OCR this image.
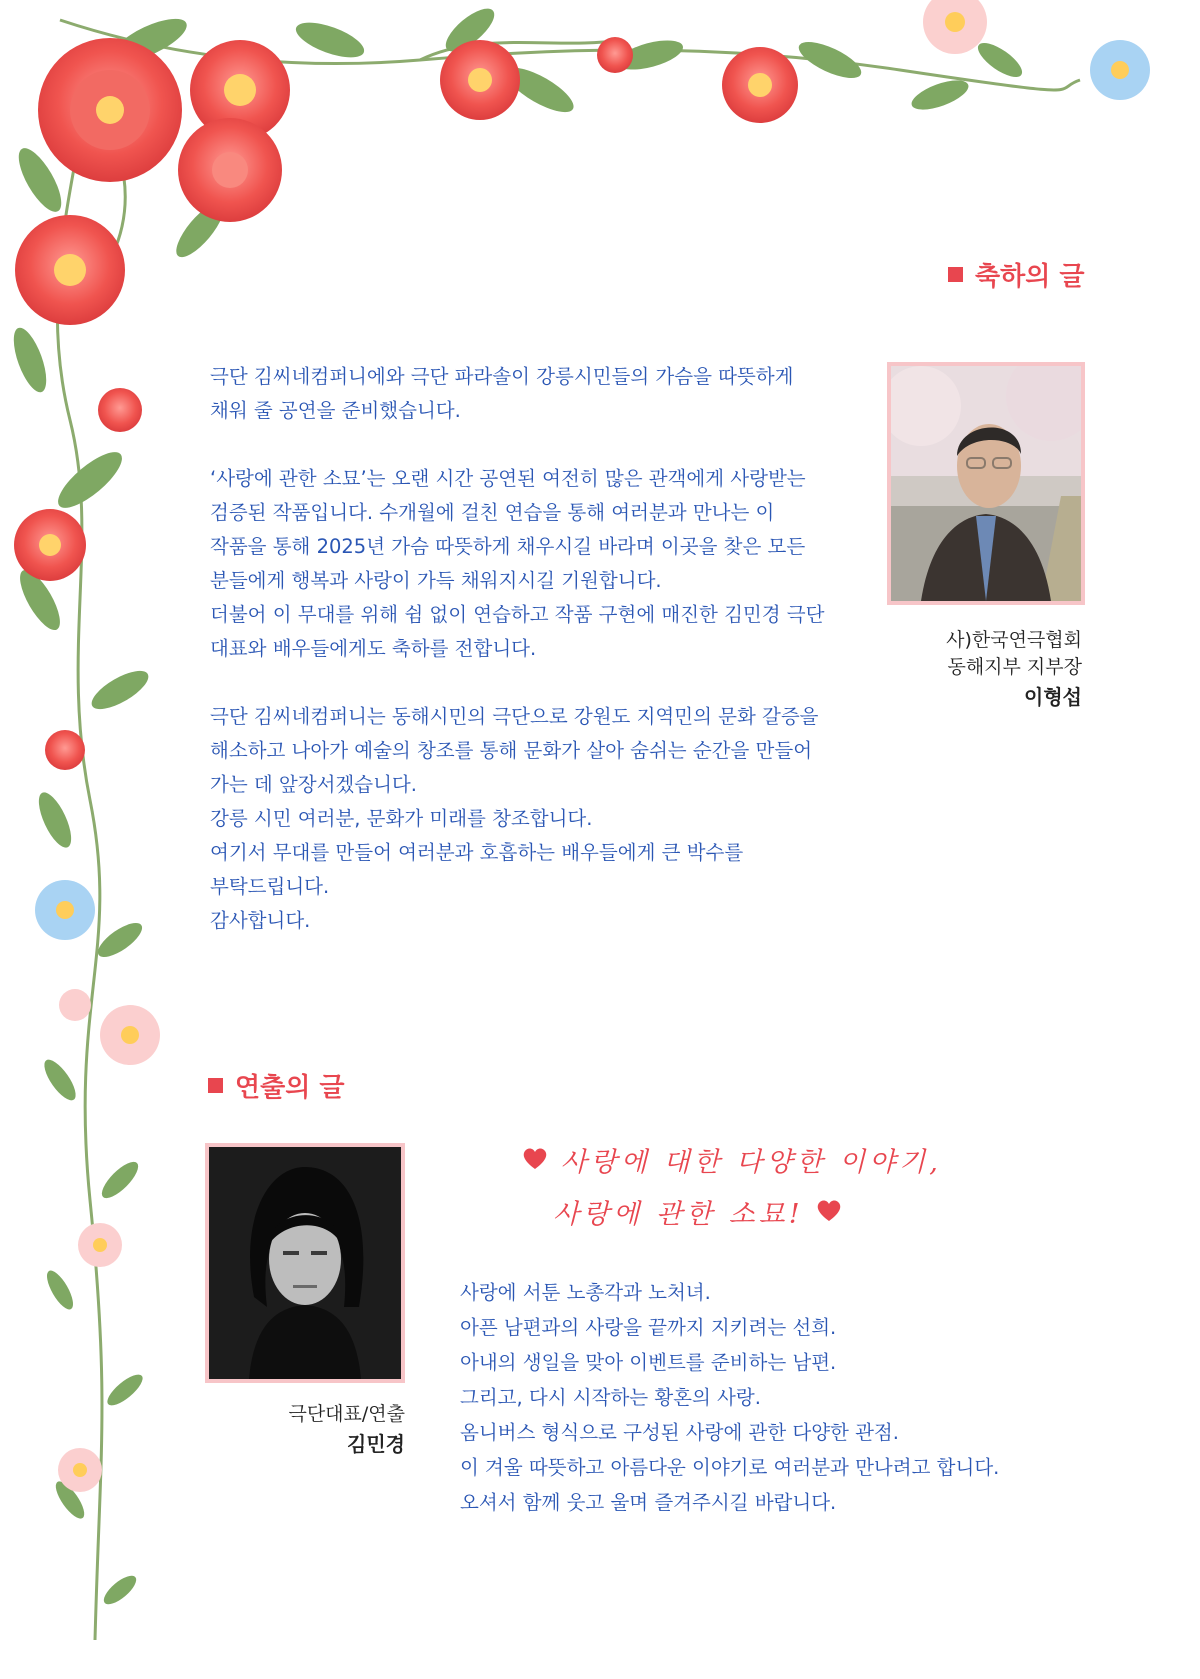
축하의 글

극단 김씨네컴퍼니에와 극단 파라솔이 강릉시민들의 가슴을 따뜻하게

채워 줄 공연을 준비했습니다.

‘사랑에 관한 소묘’는 오랜 시간 공연된 여전히 많은 관객에게 사랑받는

검증된 작품입니다. 수개월에 걸친 연습을 통해 여러분과 만나는 이

작품을 통해 2025년 가슴 따뜻하게 채우시길 바라며 이곳을 찾은 모든

분들에게 행복과 사랑이 가득 채워지시길 기원합니다.

더불어 이 무대를 위해 쉼 없이 연습하고 작품 구현에 매진한 김민경 극단

대표와 배우들에게도 축하를 전합니다.

극단 김씨네컴퍼니는 동해시민의 극단으로 강원도 지역민의 문화 갈증을

해소하고 나아가 예술의 창조를 통해 문화가 살아 숨쉬는 순간을 만들어

가는 데 앞장서겠습니다.

강릉 시민 여러분, 문화가 미래를 창조합니다.

여기서 무대를 만들어 여러분과 호흡하는 배우들에게 큰 박수를

부탁드립니다.

감사합니다.

사)한국연극협회
동해지부 지부장
이형섭
연출의 글
극단대표/연출
김민경
사랑에 대한 다양한 이야기,
사랑에 관한 소묘!

사랑에 서툰 노총각과 노처녀.

아픈 남편과의 사랑을 끝까지 지키려는 선희.

아내의 생일을 맞아 이벤트를 준비하는 남편.

그리고, 다시 시작하는 황혼의 사랑.

옴니버스 형식으로 구성된 사랑에 관한 다양한 관점.

이 겨울 따뜻하고 아름다운 이야기로 여러분과 만나려고 합니다.

오셔서 함께 웃고 울며 즐겨주시길 바랍니다.
